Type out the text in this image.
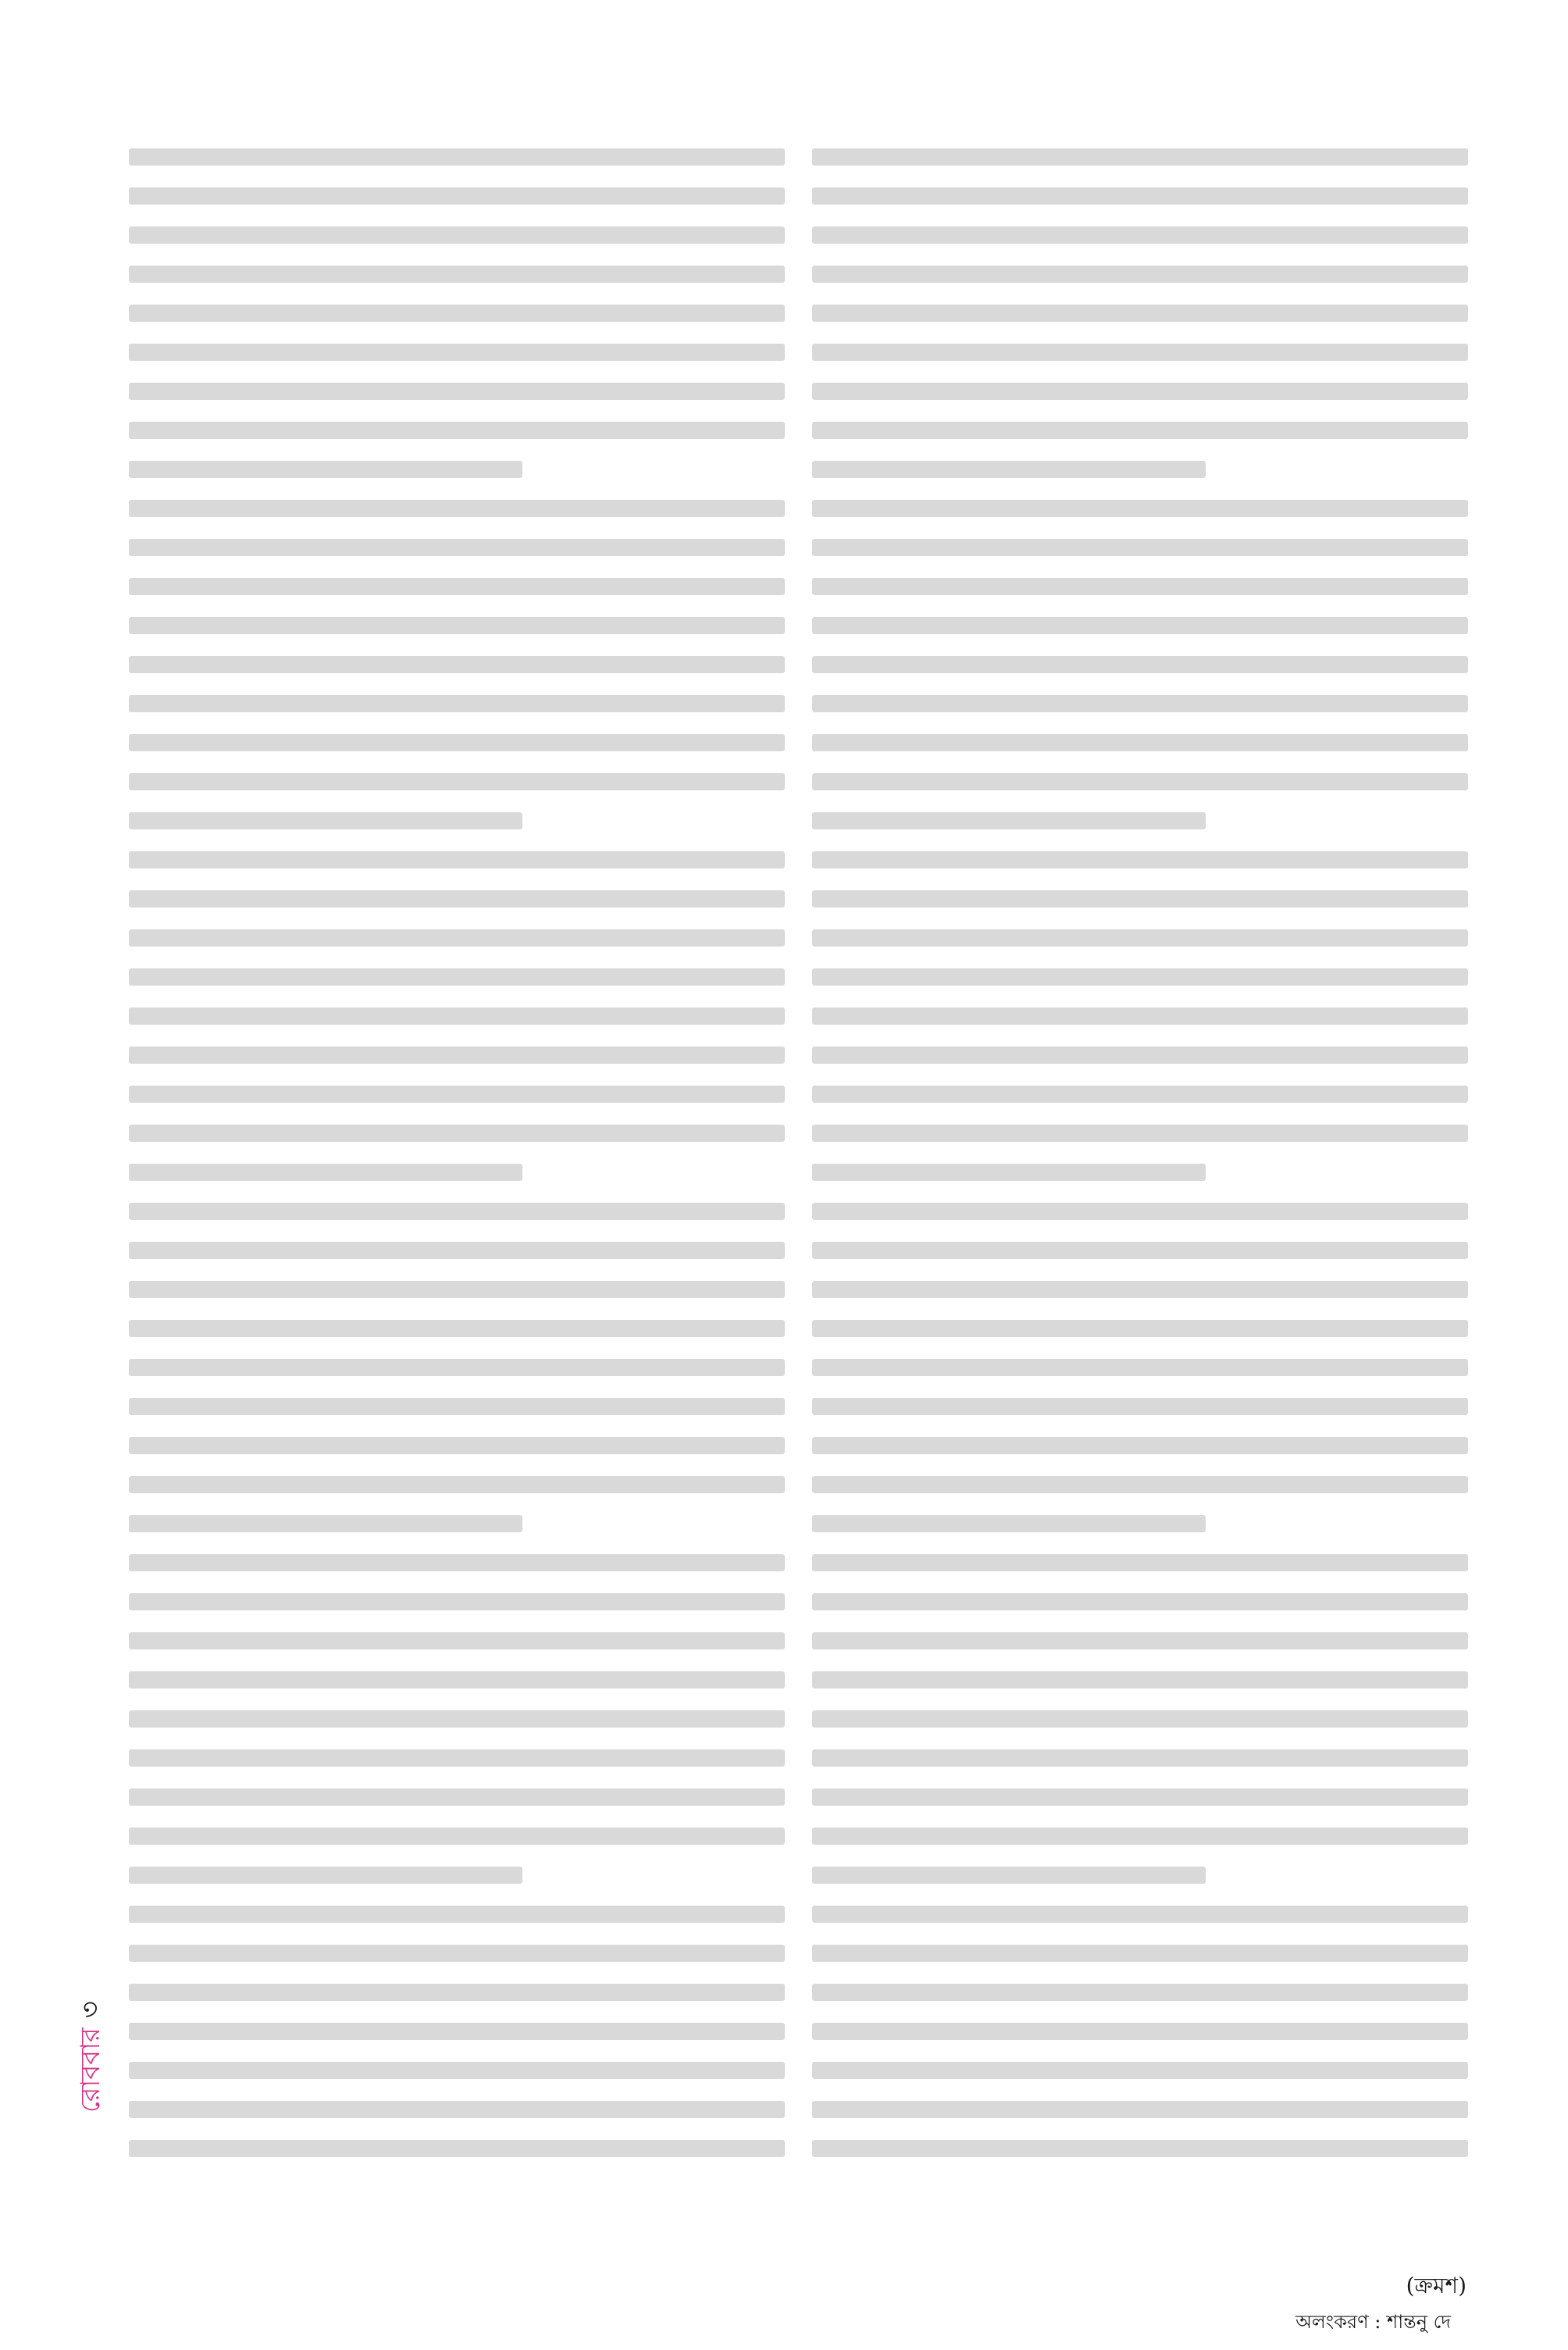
(ক্রমশ)
অলংকরণ : শান্তনু দে
রোববার৩
